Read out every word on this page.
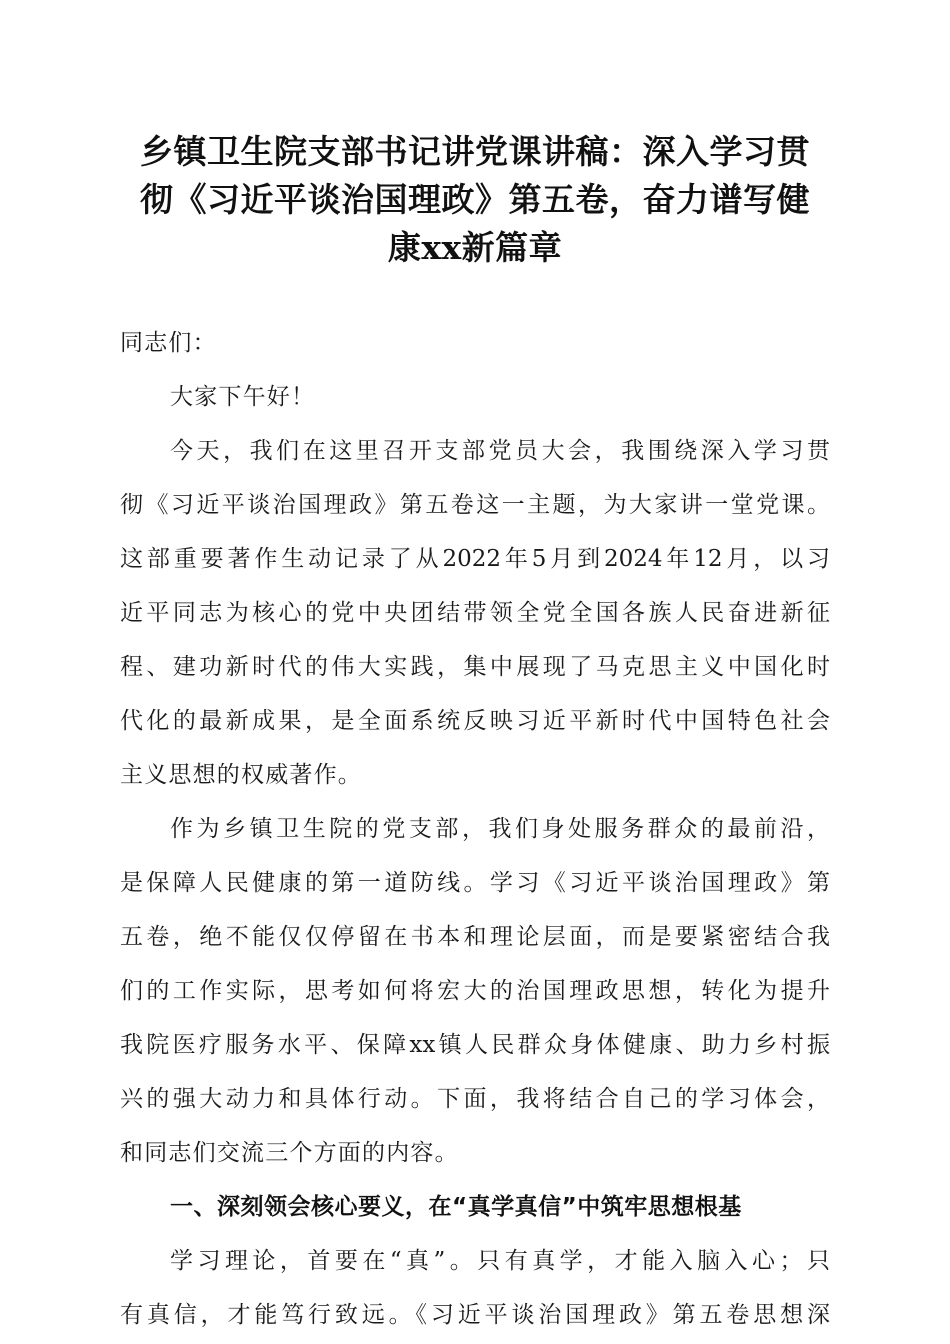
乡镇卫生院支部书记讲党课讲稿：深入学习贯
彻《习近平谈治国理政》第五卷，奋力谱写健
康xx新篇章
同志们：
大家下午好！
今天，我们在这里召开支部党员大会，我围绕深入学习贯
彻《习近平谈治国理政》第五卷这一主题，为大家讲一堂党课。
这部重要著作生动记录了从2022年5月到2024年12月，以习
近平同志为核心的党中央团结带领全党全国各族人民奋进新征
程、建功新时代的伟大实践，集中展现了马克思主义中国化时
代化的最新成果，是全面系统反映习近平新时代中国特色社会
主义思想的权威著作。
作为乡镇卫生院的党支部，我们身处服务群众的最前沿，
是保障人民健康的第一道防线。学习《习近平谈治国理政》第
五卷，绝不能仅仅停留在书本和理论层面，而是要紧密结合我
们的工作实际，思考如何将宏大的治国理政思想，转化为提升
我院医疗服务水平、保障xx镇人民群众身体健康、助力乡村振
兴的强大动力和具体行动。下面，我将结合自己的学习体会，
和同志们交流三个方面的内容。
一、深刻领会核心要义，在“真学真信”中筑牢思想根基
学习理论，首要在“真”。只有真学，才能入脑入心；只
有真信，才能笃行致远。《习近平谈治国理政》第五卷思想深
